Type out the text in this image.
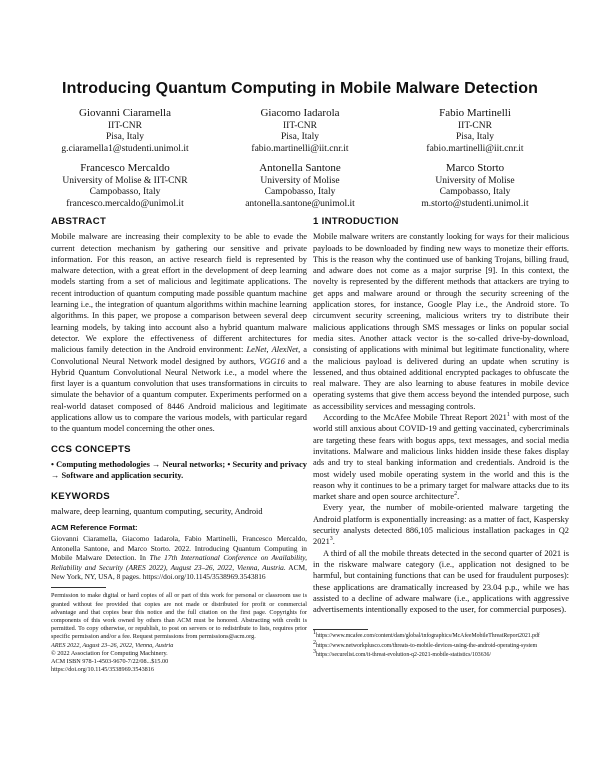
Introducing Quantum Computing in Mobile Malware Detection
Giovanni Ciaramella
IIT-CNR
Pisa, Italy
g.ciaramella1@studenti.unimol.it
Giacomo Iadarola
IIT-CNR
Pisa, Italy
fabio.martinelli@iit.cnr.it
Fabio Martinelli
IIT-CNR
Pisa, Italy
fabio.martinelli@iit.cnr.it
Francesco Mercaldo
University of Molise & IIT-CNR
Campobasso, Italy
francesco.mercaldo@unimol.it
Antonella Santone
University of Molise
Campobasso, Italy
antonella.santone@unimol.it
Marco Storto
University of Molise
Campobasso, Italy
m.storto@studenti.unimol.it
ABSTRACT

Mobile malware are increasing their complexity to be able to evade the current detection mechanism by gathering our sensitive and private information. For this reason, an active research field is represented by malware detection, with a great effort in the development of deep learning models starting from a set of malicious and legitimate applications. The recent introduction of quantum computing made possible quantum machine learning i.e., the integration of quantum algorithms within machine learning algorithms. In this paper, we propose a comparison between several deep learning models, by taking into account also a hybrid quantum malware detector. We explore the effectiveness of different architectures for malicious family detection in the Android environment: LeNet, AlexNet, a Convolutional Neural Network model designed by authors, VGG16 and a Hybrid Quantum Convolutional Neural Network i.e., a model where the first layer is a quantum convolution that uses transformations in circuits to simulate the behavior of a quantum computer. Experiments performed on a real-world dataset composed of 8446 Android malicious and legitimate applications allow us to compare the various models, with particular regard to the quantum model concerning the other ones.

CCS CONCEPTS

• Computing methodologies → Neural networks; • Security and privacy → Software and application security.

KEYWORDS

malware, deep learning, quantum computing, security, Android

ACM Reference Format:

Giovanni Ciaramella, Giacomo Iadarola, Fabio Martinelli, Francesco Mercaldo, Antonella Santone, and Marco Storto. 2022. Introducing Quantum Computing in Mobile Malware Detection. In The 17th International Conference on Availability, Reliability and Security (ARES 2022), August 23–26, 2022, Vienna, Austria. ACM, New York, NY, USA, 8 pages. https://doi.org/10.1145/3538969.3543816

Permission to make digital or hard copies of all or part of this work for personal or classroom use is granted without fee provided that copies are not made or distributed for profit or commercial advantage and that copies bear this notice and the full citation on the first page. Copyrights for components of this work owned by others than ACM must be honored. Abstracting with credit is permitted. To copy otherwise, or republish, to post on servers or to redistribute to lists, requires prior specific permission and/or a fee. Request permissions from permissions@acm.org.

ARES 2022, August 23–26, 2022, Vienna, Austria
© 2022 Association for Computing Machinery.
ACM ISBN 978-1-4503-9670-7/22/08...$15.00
https://doi.org/10.1145/3538969.3543816
1 INTRODUCTION

Mobile malware writers are constantly looking for ways for their malicious payloads to be downloaded by finding new ways to monetize their efforts. This is the reason why the continued use of banking Trojans, billing fraud, and adware does not come as a major surprise [9]. In this context, the novelty is represented by the different methods that attackers are trying to get apps and malware around or through the security screening of the application stores, for instance, Google Play i.e., the Android store. To circumvent security screening, malicious writers try to distribute their malicious applications through SMS messages or links on popular social media sites. Another attack vector is the so-called drive-by-download, consisting of applications with minimal but legitimate functionality, where the malicious payload is delivered during an update when scrutiny is lessened, and thus obtained additional encrypted packages to obfuscate the real malware. They are also learning to abuse features in mobile device operating systems that give them access beyond the intended purpose, such as accessibility services and messaging controls.

According to the McAfee Mobile Threat Report 2021$^1$ with most of the world still anxious about COVID-19 and getting vaccinated, cybercriminals are targeting these fears with bogus apps, text messages, and social media invitations. Malware and malicious links hidden inside these fakes display ads and try to steal banking information and credentials. Android is the most widely used mobile operating system in the world and this is the reason why it continues to be a primary target for malware attacks due to its market share and open source architecture$^2$.

Every year, the number of mobile-oriented malware targeting the Android platform is exponentially increasing: as a matter of fact, Kaspersky security analysts detected 886,105 malicious installation packages in Q2 2021$^3$.

A third of all the mobile threats detected in the second quarter of 2021 is in the riskware malware category (i.e., application not designed to be harmful, but containing functions that can be used for fraudulent purposes): these applications are dramatically increased by 23.04 p.p., while we has assisted to a decline of adware malware (i.e., applications with aggressive advertisements intentionally exposed to the user, for commercial purposes).

$^1$https://www.mcafee.com/content/dam/global/infographics/McAfeeMobileThreatReport2021.pdf

$^2$https://www.networkplusco.com/threats-to-mobile-devices-using-the-android-operating-system

$^3$https://securelist.com/it-threat-evolution-q2-2021-mobile-statistics/103636/
